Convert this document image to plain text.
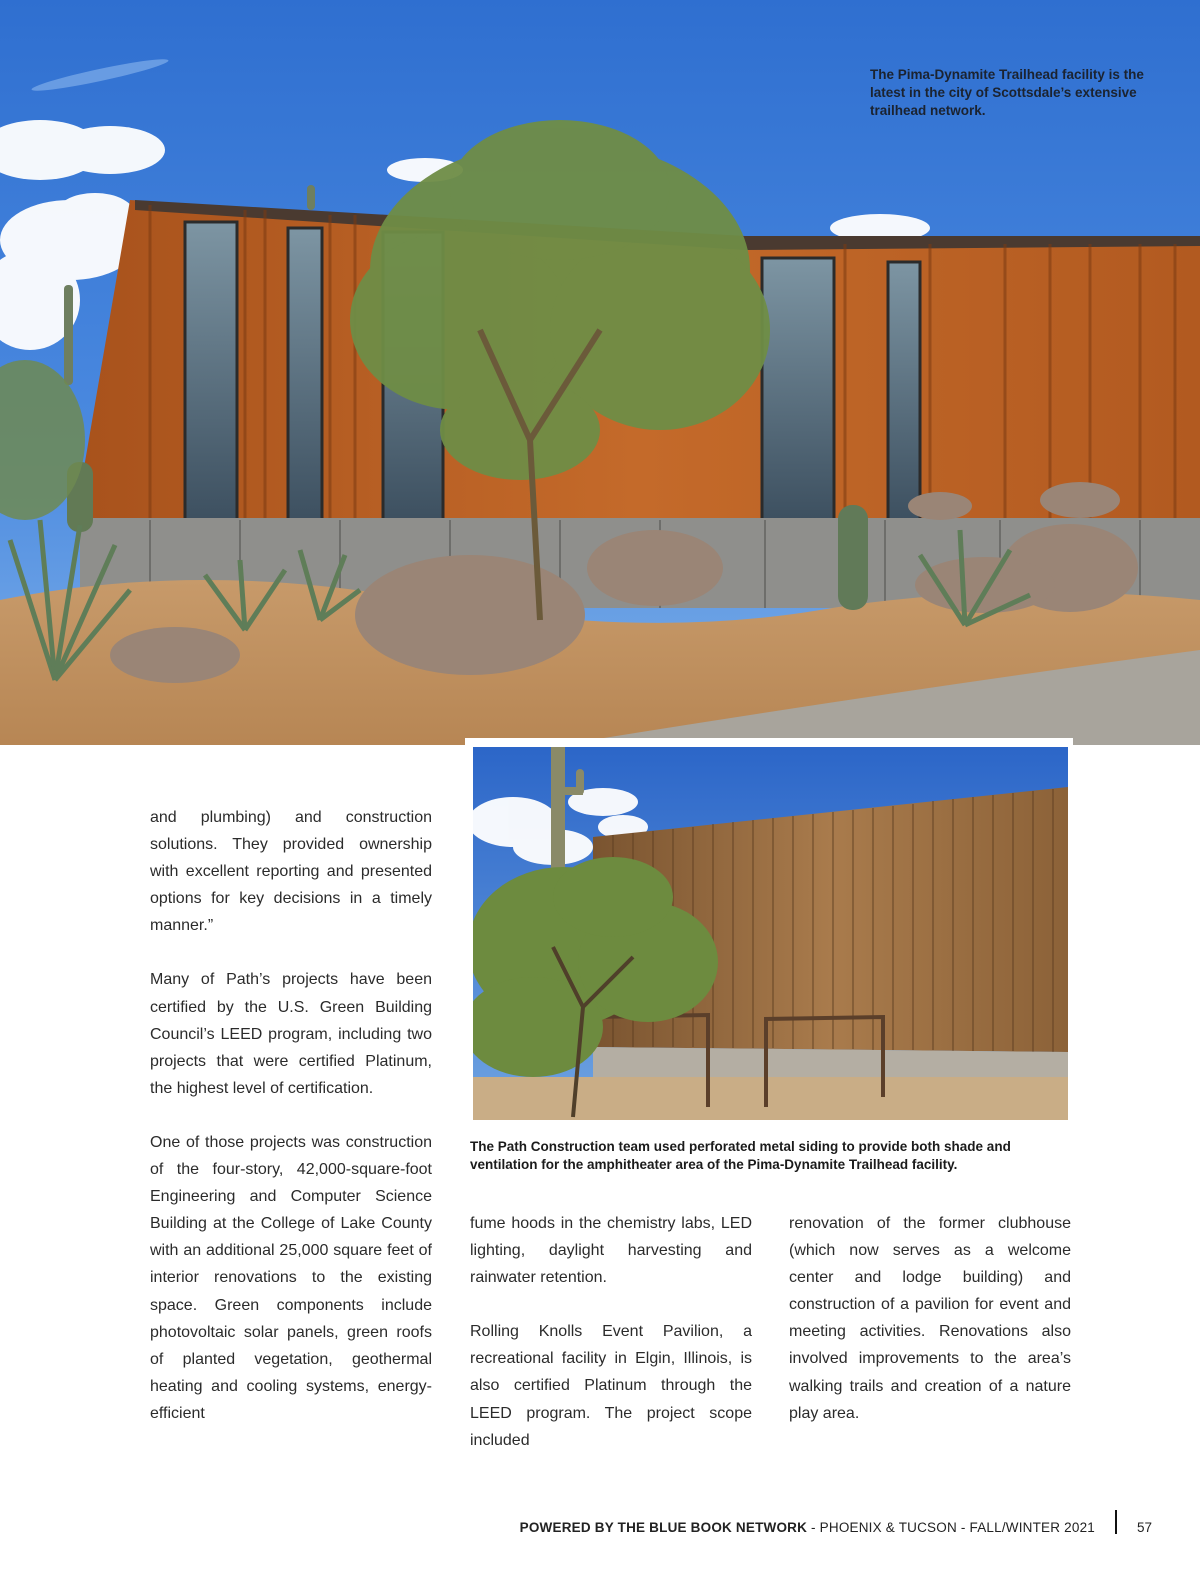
The Pima-Dynamite Trailhead facility is the latest in the city of Scottsdale’s extensive trailhead network.
The Path Construction team used perforated metal siding to provide both shade and ventilation for the amphitheater area of the Pima-Dynamite Trailhead facility.

and plumbing) and construction solutions. They provided ownership with excellent reporting and presented options for key decisions in a timely manner.”

Many of Path’s projects have been certified by the U.S. Green Building Council’s LEED program, including two projects that were certified Platinum, the highest level of certification.

One of those projects was construction of the four-story, 42,000-square-foot Engineering and Computer Science Building at the College of Lake County with an additional 25,000 square feet of interior renovations to the existing space. Green components include photovoltaic solar panels, green roofs of planted vegetation, geothermal heating and cooling systems, energy-efficient

fume hoods in the chemistry labs, LED lighting, daylight harvesting and rainwater retention.

Rolling Knolls Event Pavilion, a recreational facility in Elgin, Illinois, is also certified Platinum through the LEED program. The project scope included

renovation of the former clubhouse (which now serves as a welcome center and lodge building) and construction of a pavilion for event and meeting activities. Renovations also involved improvements to the area’s walking trails and creation of a nature play area.

POWERED BY THE BLUE BOOK NETWORK - PHOENIX & TUCSON - FALL/WINTER 2021	57
